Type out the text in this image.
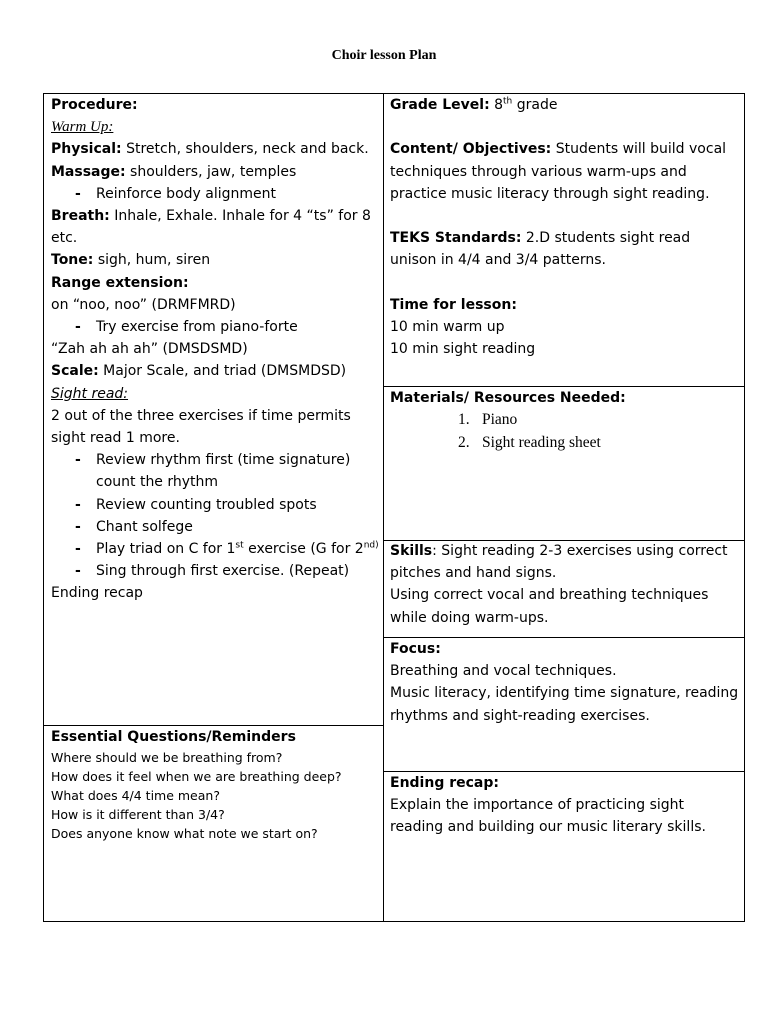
Choir lesson Plan

Procedure:

Warm Up:

Physical: Stretch, shoulders, neck and back.

Massage: shoulders, jaw, temples

-	Reinforce body alignment

Breath: Inhale, Exhale. Inhale for 4 “ts” for 8 etc.

Tone: sigh, hum, siren

Range extension:

on “noo, noo” (DRMFMRD)

-	Try exercise from piano-forte

“Zah ah ah ah” (DMSDSMD)

Scale: Major Scale, and triad (DMSMDSD)

Sight read:

2 out of the three exercises if time permits sight read 1 more.

-	Review rhythm first (time signature) count the rhythm
-	Review counting troubled spots
-	Chant solfege
-	Play triad on C for 1st exercise (G for $2^{nd)}$
-	Sing through first exercise. (Repeat)

Ending recap

Essential Questions/Reminders

Where should we be breathing from?

How does it feel when we are breathing deep?

What does 4/4 time mean?

How is it different than 3/4?

Does anyone know what note we start on?

Grade Level: 8th grade

Content/ Objectives: Students will build vocal techniques through various warm-ups and practice music literacy through sight reading.

TEKS Standards: 2.D students sight read unison in 4/4 and 3/4 patterns.

Time for lesson:

10 min warm up

10 min sight reading

Materials/ Resources Needed:

1. Piano
2. Sight reading sheet

Skills: Sight reading 2-3 exercises using correct pitches and hand signs.

Using correct vocal and breathing techniques while doing warm-ups.

Focus:

Breathing and vocal techniques.

Music literacy, identifying time signature, reading rhythms and sight-reading exercises.

Ending recap:

Explain the importance of practicing sight reading and building our music literary skills.
